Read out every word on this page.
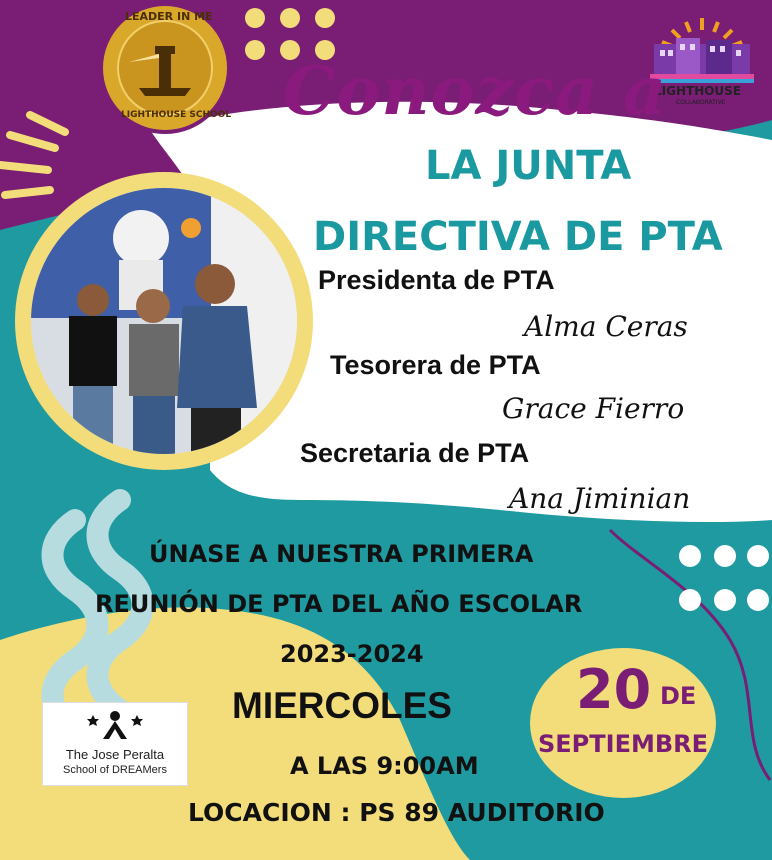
LEADER IN ME
LIGHTHOUSE SCHOOL
LIGHTHOUSE
COLLABORATIVE
Conozca a
LA JUNTA
DIRECTIVA DE PTA
Presidenta de PTA
Alma Ceras
Tesorera de PTA
Grace Fierro
Secretaria de PTA
Ana Jiminian
ÚNASE A NUESTRA PRIMERA
REUNIÓN DE PTA DEL AÑO ESCOLAR
2023-2024
MIERCOLES
A LAS 9:00AM
LOCACION : PS 89 AUDITORIO
20 DE
SEPTIEMBRE
The Jose Peralta
School of DREAMers
